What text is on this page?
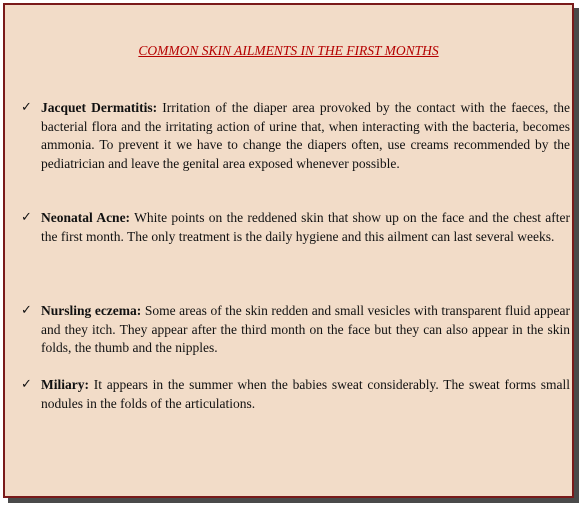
COMMON SKIN AILMENTS IN THE FIRST MONTHS
✓ Jacquet Dermatitis: Irritation of the diaper area provoked by the contact with the faeces, the bacterial flora and the irritating action of urine that, when interacting with the bacteria, becomes ammonia. To prevent it we have to change the diapers often, use creams recommended by the pediatrician and leave the genital area exposed whenever possible.
✓ Neonatal Acne: White points on the reddened skin that show up on the face and the chest after the first month. The only treatment is the daily hygiene and this ailment can last several weeks.
✓ Nursling eczema: Some areas of the skin redden and small vesicles with transparent fluid appear and they itch. They appear after the third month on the face but they can also appear in the skin folds, the thumb and the nipples.
✓ Miliary: It appears in the summer when the babies sweat considerably. The sweat forms small nodules in the folds of the articulations.
